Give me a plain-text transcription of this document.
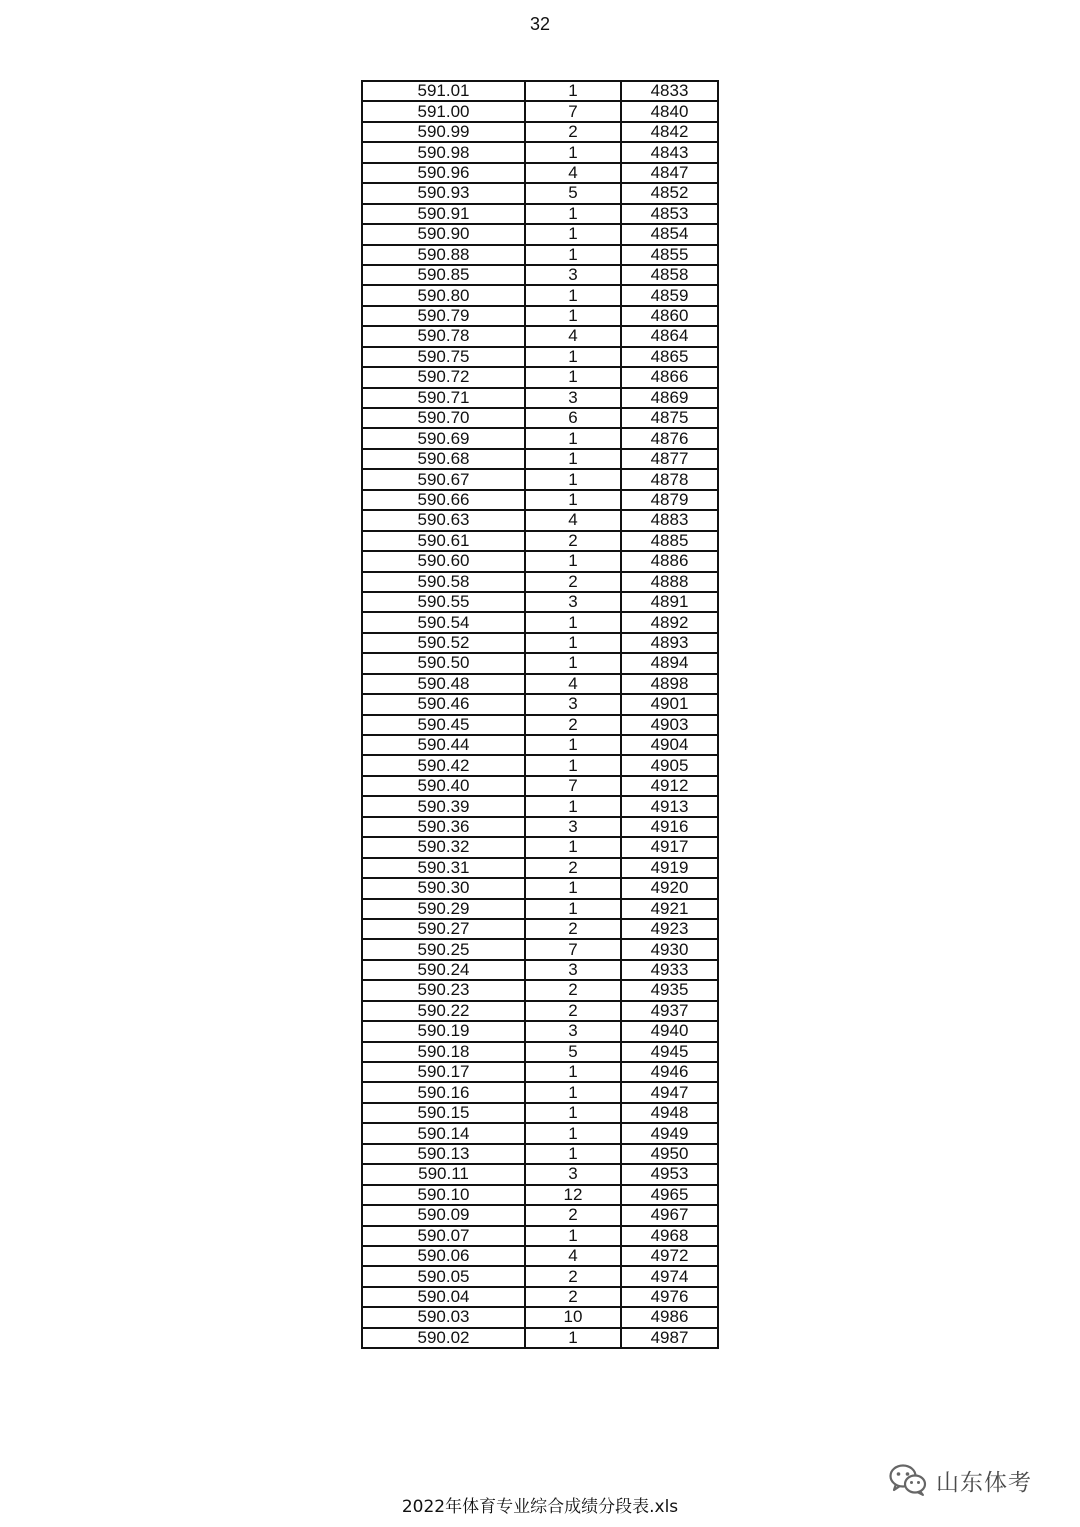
32
591.01	1	4833
591.00	7	4840
590.99	2	4842
590.98	1	4843
590.96	4	4847
590.93	5	4852
590.91	1	4853
590.90	1	4854
590.88	1	4855
590.85	3	4858
590.80	1	4859
590.79	1	4860
590.78	4	4864
590.75	1	4865
590.72	1	4866
590.71	3	4869
590.70	6	4875
590.69	1	4876
590.68	1	4877
590.67	1	4878
590.66	1	4879
590.63	4	4883
590.61	2	4885
590.60	1	4886
590.58	2	4888
590.55	3	4891
590.54	1	4892
590.52	1	4893
590.50	1	4894
590.48	4	4898
590.46	3	4901
590.45	2	4903
590.44	1	4904
590.42	1	4905
590.40	7	4912
590.39	1	4913
590.36	3	4916
590.32	1	4917
590.31	2	4919
590.30	1	4920
590.29	1	4921
590.27	2	4923
590.25	7	4930
590.24	3	4933
590.23	2	4935
590.22	2	4937
590.19	3	4940
590.18	5	4945
590.17	1	4946
590.16	1	4947
590.15	1	4948
590.14	1	4949
590.13	1	4950
590.11	3	4953
590.10	12	4965
590.09	2	4967
590.07	1	4968
590.06	4	4972
590.05	2	4974
590.04	2	4976
590.03	10	4986
590.02	1	4987
山东体考
2022年体育专业综合成绩分段表.xls
